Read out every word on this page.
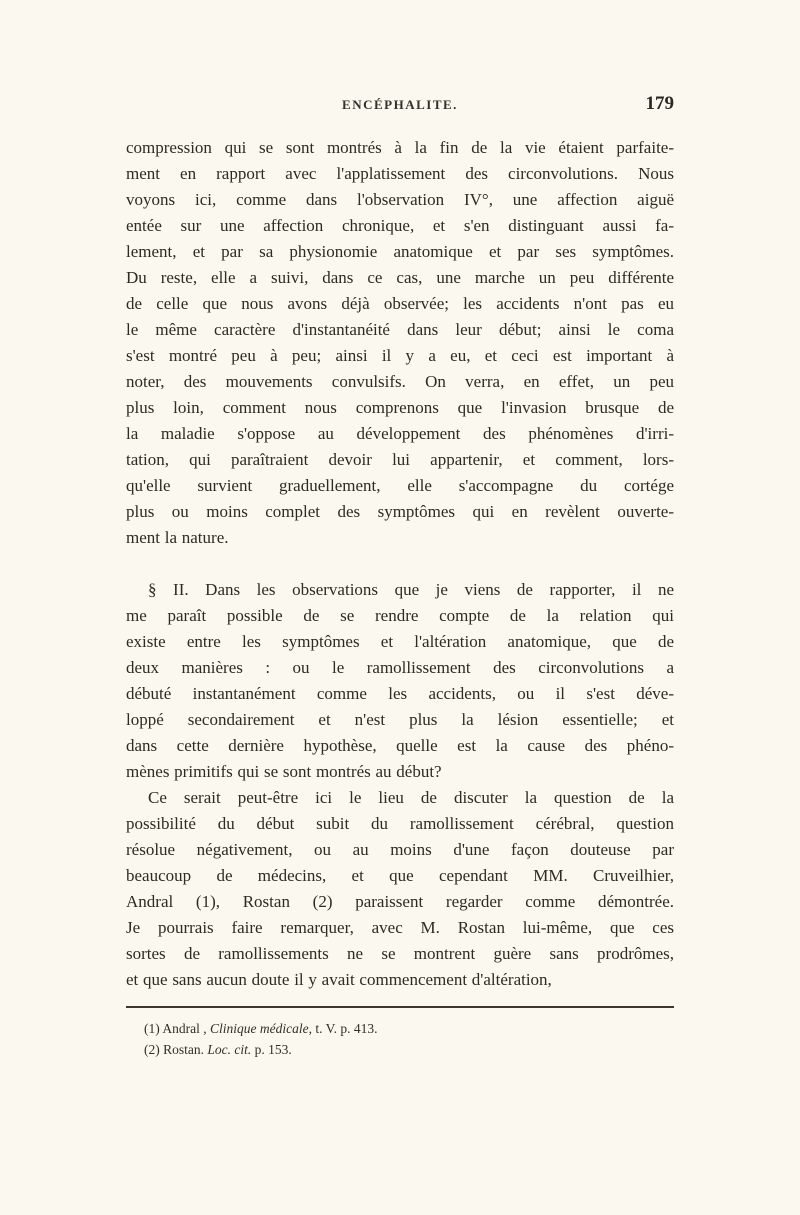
ENCÉPHALITE.	179
compression qui se sont montrés à la fin de la vie étaient parfaite-
ment en rapport avec l'applatissement des circonvolutions. Nous
voyons ici, comme dans l'observation IV°, une affection aiguë
entée sur une affection chronique, et s'en distinguant aussi fa-
lement, et par sa physionomie anatomique et par ses symptômes.
Du reste, elle a suivi, dans ce cas, une marche un peu différente
de celle que nous avons déjà observée; les accidents n'ont pas eu
le même caractère d'instantanéité dans leur début; ainsi le coma
s'est montré peu à peu; ainsi il y a eu, et ceci est important à
noter, des mouvements convulsifs. On verra, en effet, un peu
plus loin, comment nous comprenons que l'invasion brusque de
la maladie s'oppose au développement des phénomènes d'irri-
tation, qui paraîtraient devoir lui appartenir, et comment, lors-
qu'elle survient graduellement, elle s'accompagne du cortége
plus ou moins complet des symptômes qui en revèlent ouverte-
ment la nature.
§ II. Dans les observations que je viens de rapporter, il ne
me paraît possible de se rendre compte de la relation qui
existe entre les symptômes et l'altération anatomique, que de
deux manières : ou le ramollissement des circonvolutions a
débuté instantanément comme les accidents, ou il s'est déve-
loppé secondairement et n'est plus la lésion essentielle; et
dans cette dernière hypothèse, quelle est la cause des phéno-
mènes primitifs qui se sont montrés au début?
Ce serait peut-être ici le lieu de discuter la question de la
possibilité du début subit du ramollissement cérébral, question
résolue négativement, ou au moins d'une façon douteuse par
beaucoup de médecins, et que cependant MM. Cruveilhier,
Andral (1), Rostan (2) paraissent regarder comme démontrée.
Je pourrais faire remarquer, avec M. Rostan lui-même, que ces
sortes de ramollissements ne se montrent guère sans prodrômes,
et que sans aucun doute il y avait commencement d'altération,
(1) Andral , Clinique médicale, t. V. p. 413.
(2) Rostan. Loc. cit. p. 153.
